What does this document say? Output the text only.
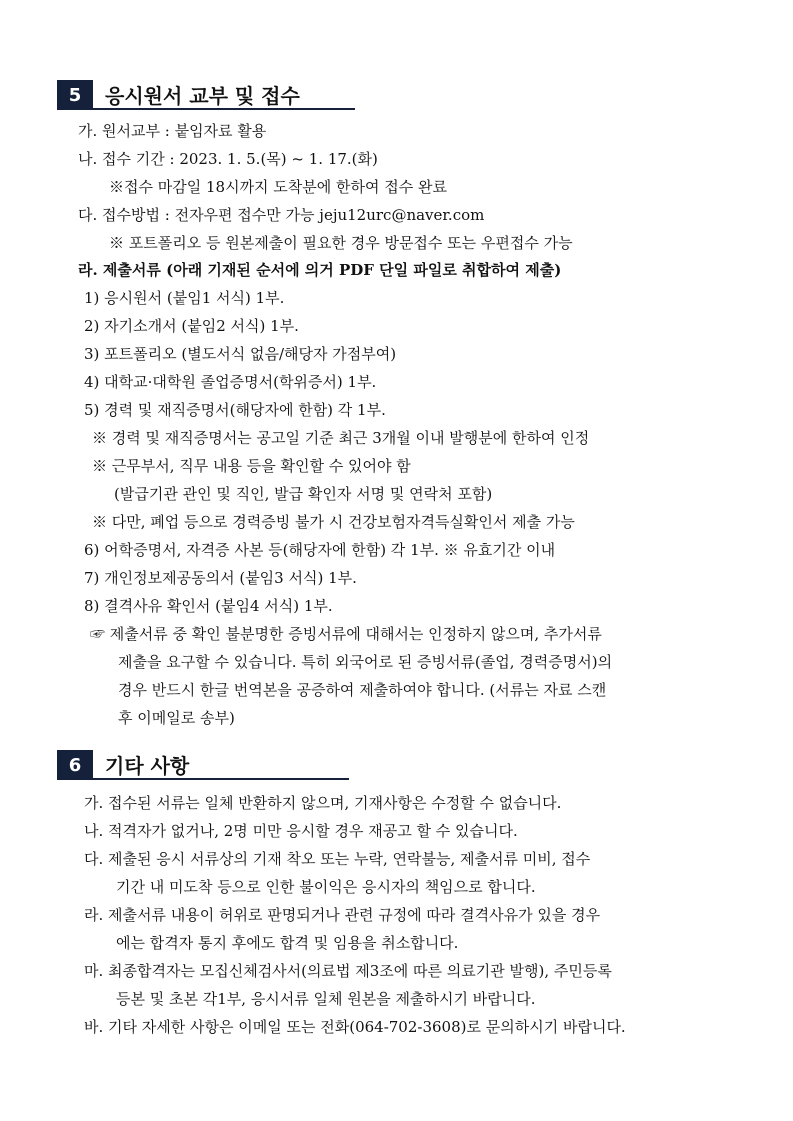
5	응시원서 교부 및 접수
가. 원서교부 : 붙임자료 활용
나. 접수 기간 : 2023. 1. 5.(목) ~ 1. 17.(화)
※접수 마감일 18시까지 도착분에 한하여 접수 완료
다. 접수방법 : 전자우편 접수만 가능 jeju12urc@naver.com
※ 포트폴리오 등 원본제출이 필요한 경우 방문접수 또는 우편접수 가능
라. 제출서류 (아래 기재된 순서에 의거 PDF 단일 파일로 취합하여 제출)
1) 응시원서 (붙임1 서식) 1부.
2) 자기소개서 (붙임2 서식) 1부.
3) 포트폴리오 (별도서식 없음/해당자 가점부여)
4) 대학교·대학원 졸업증명서(학위증서) 1부.
5) 경력 및 재직증명서(해당자에 한함) 각 1부.
※ 경력 및 재직증명서는 공고일 기준 최근 3개월 이내 발행분에 한하여 인정
※ 근무부서, 직무 내용 등을 확인할 수 있어야 함
(발급기관 관인 및 직인, 발급 확인자 서명 및 연락처 포함)
※ 다만, 폐업 등으로 경력증빙 불가 시 건강보험자격득실확인서 제출 가능
6) 어학증명서, 자격증 사본 등(해당자에 한함) 각 1부. ※ 유효기간 이내
7) 개인정보제공동의서 (붙임3 서식) 1부.
8) 결격사유 확인서 (붙임4 서식) 1부.
☞ 제출서류 중 확인 불분명한 증빙서류에 대해서는 인정하지 않으며, 추가서류
제출을 요구할 수 있습니다. 특히 외국어로 된 증빙서류(졸업, 경력증명서)의
경우 반드시 한글 번역본을 공증하여 제출하여야 합니다. (서류는 자료 스캔
후 이메일로 송부)
6	기타 사항
가. 접수된 서류는 일체 반환하지 않으며, 기재사항은 수정할 수 없습니다.
나. 적격자가 없거나, 2명 미만 응시할 경우 재공고 할 수 있습니다.
다. 제출된 응시 서류상의 기재 착오 또는 누락, 연락불능, 제출서류 미비, 접수
기간 내 미도착 등으로 인한 불이익은 응시자의 책임으로 합니다.
라. 제출서류 내용이 허위로 판명되거나 관련 규정에 따라 결격사유가 있을 경우
에는 합격자 통지 후에도 합격 및 임용을 취소합니다.
마. 최종합격자는 모집신체검사서(의료법 제3조에 따른 의료기관 발행), 주민등록
등본 및 초본 각1부, 응시서류 일체 원본을 제출하시기 바랍니다.
바. 기타 자세한 사항은 이메일 또는 전화(064-702-3608)로 문의하시기 바랍니다.
